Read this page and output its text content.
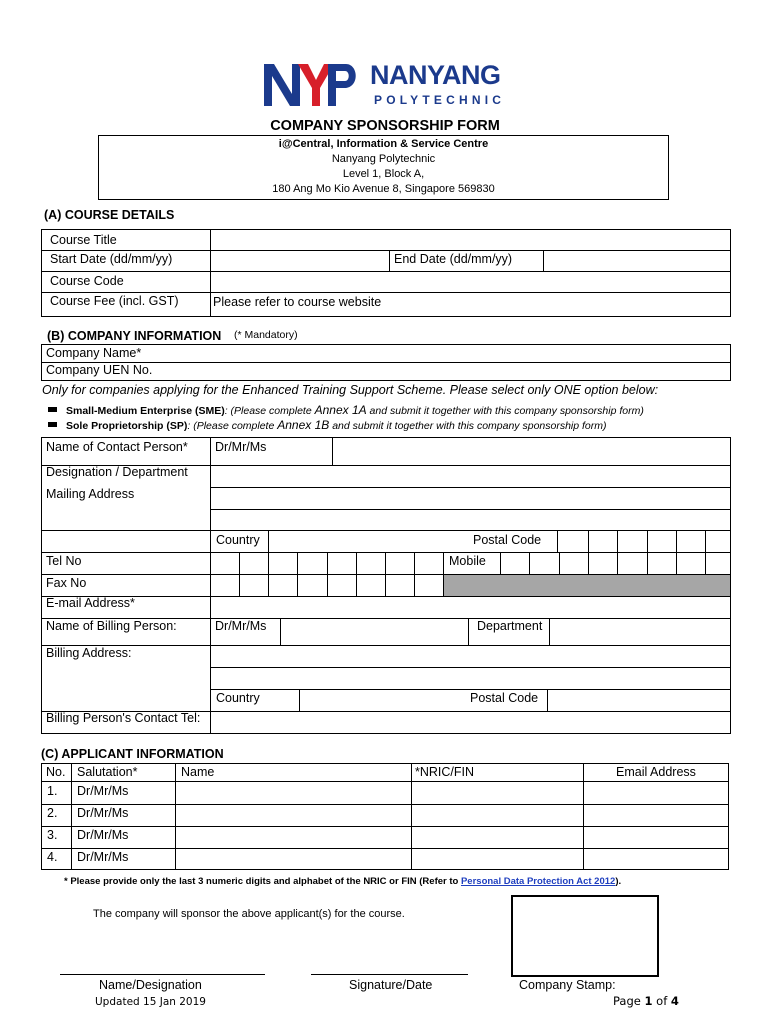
NANYANG
POLYTECHNIC
COMPANY SPONSORSHIP FORM
i@Central, Information & Service Centre
Nanyang Polytechnic
Level 1, Block A,
180 Ang Mo Kio Avenue 8, Singapore 569830
(A) COURSE DETAILS
Course Title
Start Date (dd/mm/yy)	End Date (dd/mm/yy)
Course Code
Course Fee (incl. GST)	Please refer to course website
(B) COMPANY INFORMATION (* Mandatory)
Company Name*
Company UEN No.
Only for companies applying for the Enhanced Training Support Scheme. Please select only ONE option below:
Small-Medium Enterprise (SME): (Please complete Annex 1A and submit it together with this company sponsorship form)
Sole Proprietorship (SP): (Please complete Annex 1B and submit it together with this company sponsorship form)
Name of Contact Person* Dr/Mr/Ms
Designation / Department
Mailing Address
Country	Postal Code
Tel No	Mobile
Fax No
E-mail Address*
Name of Billing Person:	Dr/Mr/Ms	Department
Billing Address:
Country	Postal Code
Billing Person's Contact Tel:
(C) APPLICANT INFORMATION
No. Salutation*	Name	*NRIC/FIN	Email Address
1. Dr/Mr/Ms
2. Dr/Mr/Ms
3. Dr/Mr/Ms
4. Dr/Mr/Ms
* Please provide only the last 3 numeric digits and alphabet of the NRIC or FIN (Refer to Personal Data Protection Act 2012).
The company will sponsor the above applicant(s) for the course.
Name/Designation	Signature/Date	Company Stamp:
Updated 15 Jan 2019	Page 1 of 4
